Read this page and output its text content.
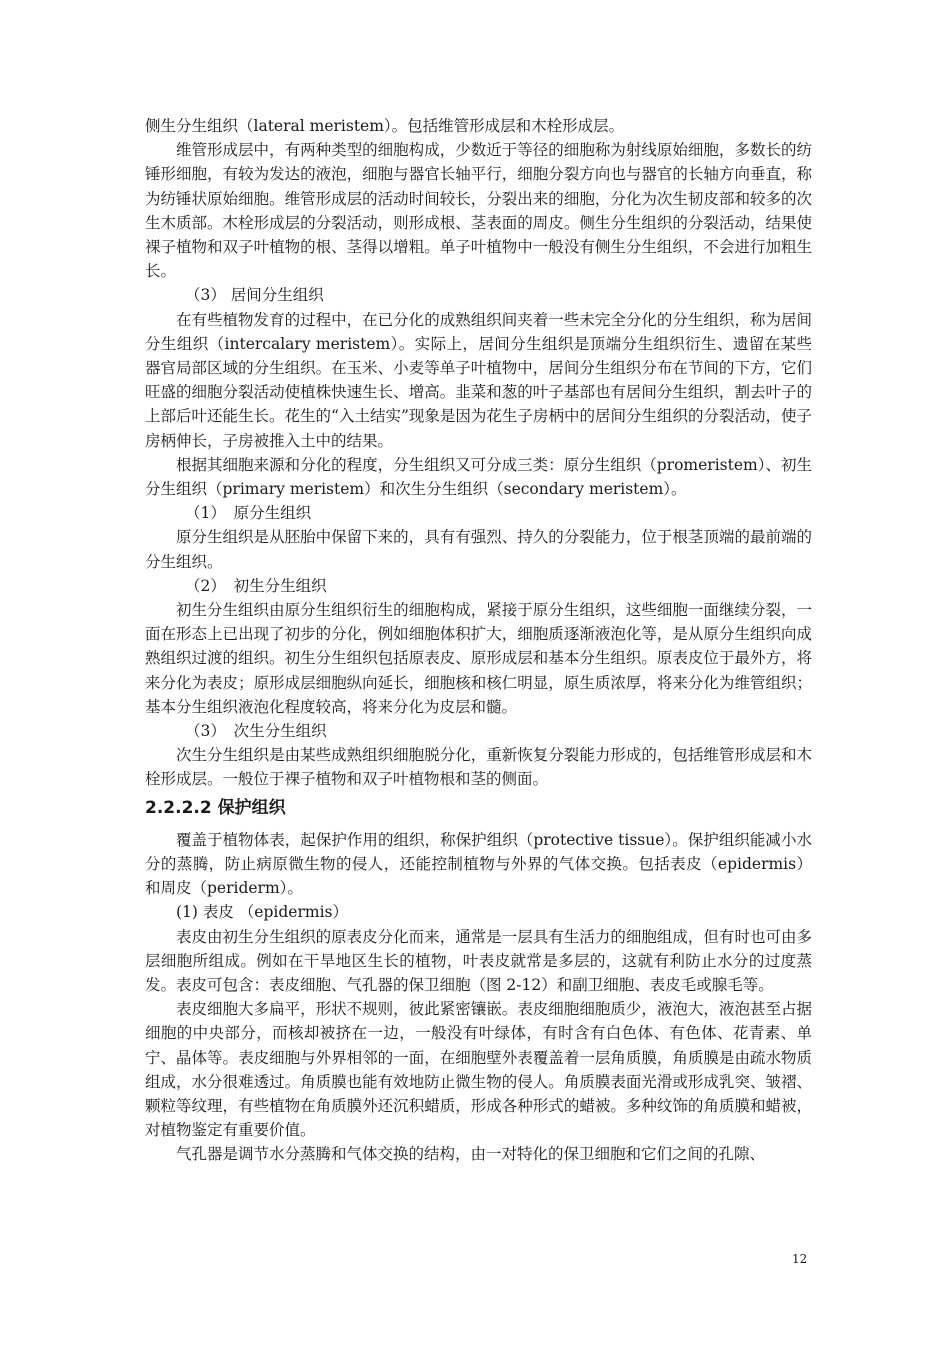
侧生分生组织（lateral meristem）。包括维管形成层和木栓形成层。

维管形成层中，有两种类型的细胞构成，少数近于等径的细胞称为射线原始细胞，多数长的纺锤形细胞，有较为发达的液泡，细胞与器官长轴平行，细胞分裂方向也与器官的长轴方向垂直，称为纺锤状原始细胞。维管形成层的活动时间较长，分裂出来的细胞，分化为次生韧皮部和较多的次生木质部。木栓形成层的分裂活动，则形成根、茎表面的周皮。侧生分生组织的分裂活动，结果使裸子植物和双子叶植物的根、茎得以增粗。单子叶植物中一般没有侧生分生组织，不会进行加粗生长。

（3） 居间分生组织

在有些植物发育的过程中，在已分化的成熟组织间夹着一些未完全分化的分生组织，称为居间分生组织（intercalary meristem）。实际上，居间分生组织是顶端分生组织衍生、遗留在某些器官局部区域的分生组织。在玉米、小麦等单子叶植物中，居间分生组织分布在节间的下方，它们旺盛的细胞分裂活动使植株快速生长、增高。韭菜和葱的叶子基部也有居间分生组织，割去叶子的上部后叶还能生长。花生的“入土结实”现象是因为花生子房柄中的居间分生组织的分裂活动，使子房柄伸长，子房被推入土中的结果。

根据其细胞来源和分化的程度，分生组织又可分成三类：原分生组织（promeristem）、初生分生组织（primary meristem）和次生分生组织（secondary meristem）。

（1）　原分生组织

原分生组织是从胚胎中保留下来的，具有有强烈、持久的分裂能力，位于根茎顶端的最前端的分生组织。

（2）　初生分生组织

初生分生组织由原分生组织衍生的细胞构成，紧接于原分生组织，这些细胞一面继续分裂，一面在形态上已出现了初步的分化，例如细胞体积扩大，细胞质逐渐液泡化等，是从原分生组织向成熟组织过渡的组织。初生分生组织包括原表皮、原形成层和基本分生组织。原表皮位于最外方，将来分化为表皮；原形成层细胞纵向延长，细胞核和核仁明显，原生质浓厚，将来分化为维管组织；基本分生组织液泡化程度较高，将来分化为皮层和髓。

（3）　次生分生组织

次生分生组织是由某些成熟组织细胞脱分化，重新恢复分裂能力形成的，包括维管形成层和木栓形成层。一般位于裸子植物和双子叶植物根和茎的侧面。

2.2.2.2 保护组织

覆盖于植物体表，起保护作用的组织，称保护组织（protective tissue）。保护组织能减小水分的蒸腾，防止病原微生物的侵人，还能控制植物与外界的气体交换。包括表皮（epidermis）和周皮（periderm）。

(1) 表皮 （epidermis）

表皮由初生分生组织的原表皮分化而来，通常是一层具有生活力的细胞组成，但有时也可由多层细胞所组成。例如在干旱地区生长的植物，叶表皮就常是多层的，这就有利防止水分的过度蒸发。表皮可包含：表皮细胞、气孔器的保卫细胞（图 2-12）和副卫细胞、表皮毛或腺毛等。

表皮细胞大多扁平，形状不规则，彼此紧密镶嵌。表皮细胞细胞质少，液泡大，液泡甚至占据细胞的中央部分，而核却被挤在一边，一般没有叶绿体，有时含有白色体、有色体、花青素、单宁、晶体等。表皮细胞与外界相邻的一面，在细胞壁外表覆盖着一层角质膜，角质膜是由疏水物质组成，水分很难透过。角质膜也能有效地防止微生物的侵人。角质膜表面光滑或形成乳突、皱褶、颗粒等纹理，有些植物在角质膜外还沉积蜡质，形成各种形式的蜡被。多种纹饰的角质膜和蜡被，对植物鉴定有重要价值。

气孔器是调节水分蒸腾和气体交换的结构，由一对特化的保卫细胞和它们之间的孔隙、

12
